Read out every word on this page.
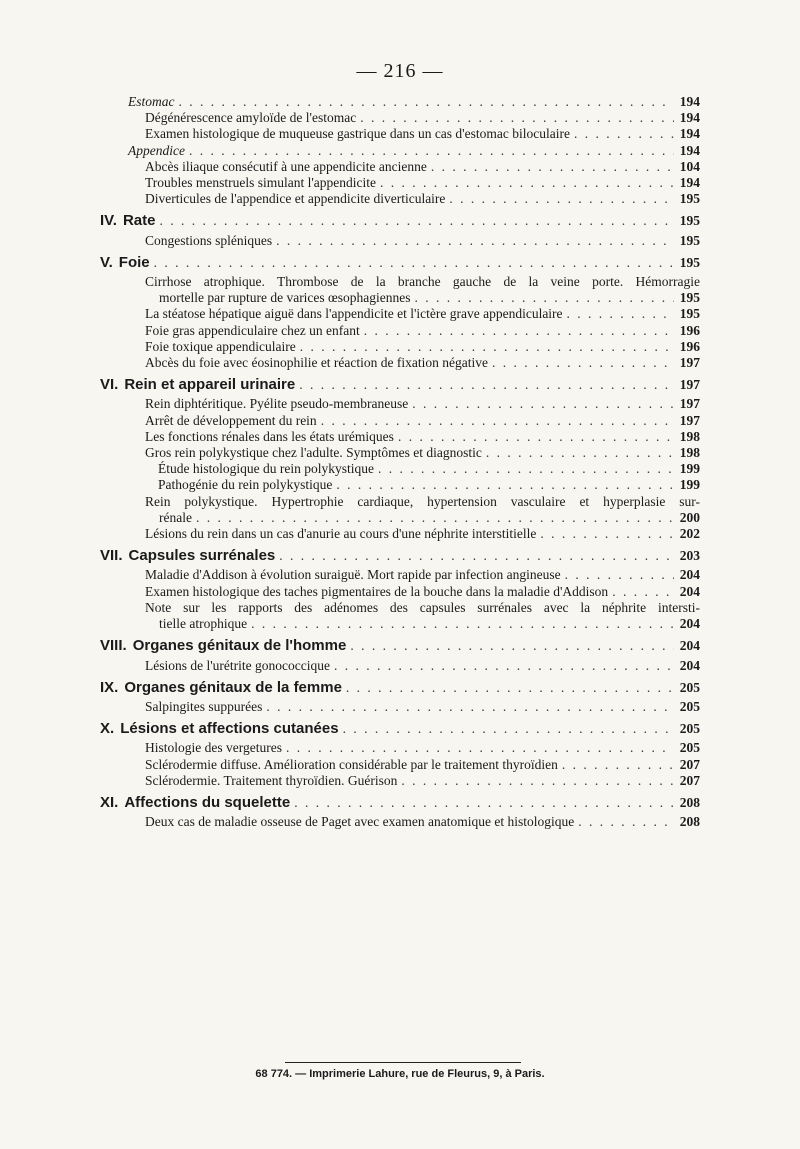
— 216 —
Estomac . . .	194
Dégénérescence amyloïde de l'estomac . . .	194
Examen histologique de muqueuse gastrique dans un cas d'estomac biloculaire . . .	194
Appendice . . .	194
Abcès iliaque consécutif à une appendicite ancienne . . .	104
Troubles menstruels simulant l'appendicite . . .	194
Diverticules de l'appendice et appendicite diverticulaire . . .	195
IV. Rate . . .	195
Congestions spléniques . . .	195
V. Foie . . .	195
Cirrhose atrophique. Thrombose de la branche gauche de la veine porte. Hémorragie
mortelle par rupture de varices œsophagiennes . . .	195
La stéatose hépatique aiguë dans l'appendicite et l'ictère grave appendiculaire . . .	195
Foie gras appendiculaire chez un enfant . . .	196
Foie toxique appendiculaire . . .	196
Abcès du foie avec éosinophilie et réaction de fixation négative . . .	197
VI. Rein et appareil urinaire . . .	197
Rein diphtéritique. Pyélite pseudo-membraneuse . . .	197
Arrêt de développement du rein . . .	197
Les fonctions rénales dans les états urémiques . . .	198
Gros rein polykystique chez l'adulte. Symptômes et diagnostic . . .	198
Étude histologique du rein polykystique . . .	199
Pathogénie du rein polykystique . . .	199
Rein polykystique. Hypertrophie cardiaque, hypertension vasculaire et hyperplasie sur-
rénale . . .	200
Lésions du rein dans un cas d'anurie au cours d'une néphrite interstitielle . . .	202
VII. Capsules surrénales . . .	203
Maladie d'Addison à évolution suraiguë. Mort rapide par infection angineuse . . .	204
Examen histologique des taches pigmentaires de la bouche dans la maladie d'Addison . . .	204
Note sur les rapports des adénomes des capsules surrénales avec la néphrite intersti-
tielle atrophique . . .	204
VIII. Organes génitaux de l'homme . . .	204
Lésions de l'urétrite gonococcique . . .	204
IX. Organes génitaux de la femme . . .	205
Salpingites suppurées . . .	205
X. Lésions et affections cutanées . . .	205
Histologie des vergetures . . .	205
Sclérodermie diffuse. Amélioration considérable par le traitement thyroïdien . . .	207
Sclérodermie. Traitement thyroïdien. Guérison . . .	207
XI. Affections du squelette . . .	208
Deux cas de maladie osseuse de Paget avec examen anatomique et histologique . . .	208
68 774. — Imprimerie Lahure, rue de Fleurus, 9, à Paris.
